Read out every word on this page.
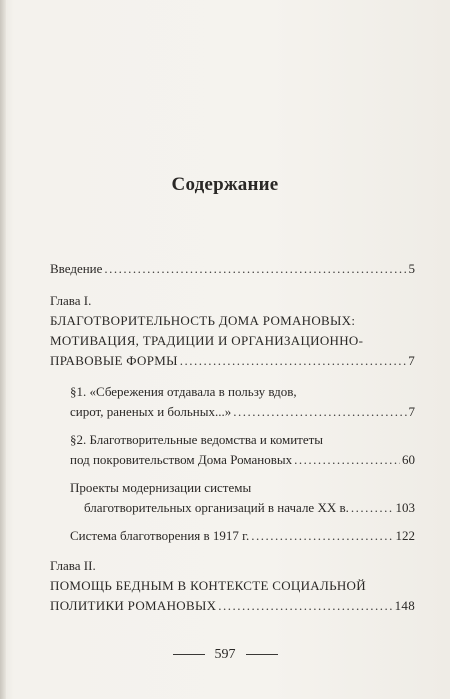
Содержание
Введение .....	5
Глава I.
БЛАГОТВОРИТЕЛЬНОСТЬ ДОМА РОМАНОВЫХ:
МОТИВАЦИЯ, ТРАДИЦИИ И ОРГАНИЗАЦИОННО-
ПРАВОВЫЕ ФОРМЫ .....	7
§1. «Сбережения отдавала в пользу вдов,
сирот, раненых и больных...» .....	7
§2. Благотворительные ведомства и комитеты
под покровительством Дома Романовых .....	60
Проекты модернизации системы
благотворительных организаций в начале XX в. .....	103
Система благотворения в 1917 г. .....	122
Глава II.
ПОМОЩЬ БЕДНЫМ В КОНТЕКСТЕ СОЦИАЛЬНОЙ
ПОЛИТИКИ РОМАНОВЫХ .....	148
597
